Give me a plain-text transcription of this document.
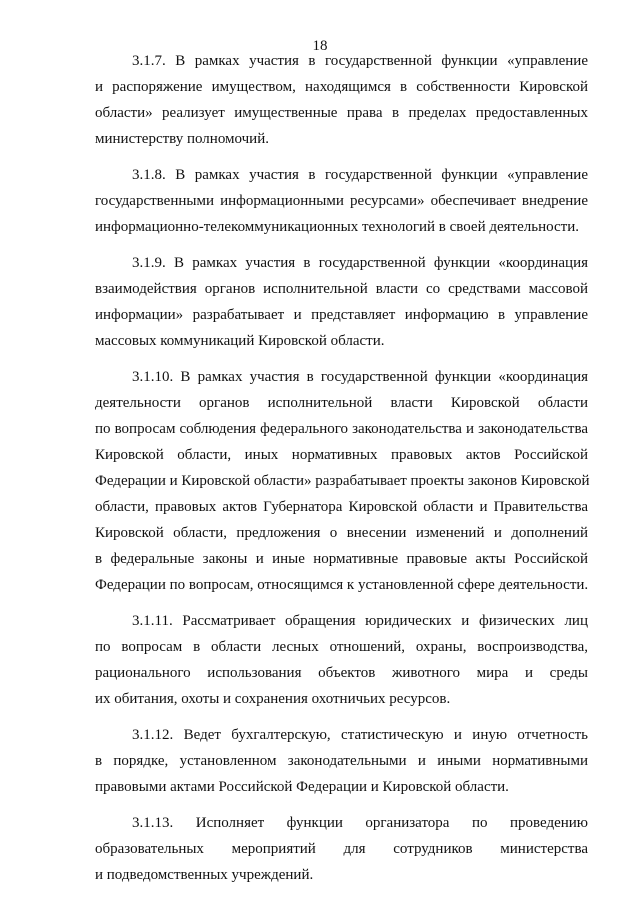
18

3.1.7. В рамках участия в государственной функции «управление
и распоряжение имуществом, находящимся в собственности Кировской
области» реализует имущественные права в пределах предоставленных
министерству полномочий.

3.1.8. В рамках участия в государственной функции «управление
государственными информационными ресурсами» обеспечивает внедрение
информационно-телекоммуникационных технологий в своей деятельности.

3.1.9. В рамках участия в государственной функции «координация
взаимодействия органов исполнительной власти со средствами массовой
информации» разрабатывает и представляет информацию в управление
массовых коммуникаций Кировской области.

3.1.10. В рамках участия в государственной функции «координация
деятельности органов исполнительной власти Кировской области
по вопросам соблюдения федерального законодательства и законодательства
Кировской области, иных нормативных правовых актов Российской
Федерации и Кировской области» разрабатывает проекты законов Кировской
области, правовых актов Губернатора Кировской области и Правительства
Кировской области, предложения о внесении изменений и дополнений
в федеральные законы и иные нормативные правовые акты Российской
Федерации по вопросам, относящимся к установленной сфере деятельности.

3.1.11. Рассматривает обращения юридических и физических лиц
по вопросам в области лесных отношений, охраны, воспроизводства,
рационального использования объектов животного мира и среды
их обитания, охоты и сохранения охотничьих ресурсов.

3.1.12. Ведет бухгалтерскую, статистическую и иную отчетность
в порядке, установленном законодательными и иными нормативными
правовыми актами Российской Федерации и Кировской области.

3.1.13. Исполняет функции организатора по проведению
образовательных мероприятий для сотрудников министерства
и подведомственных учреждений.
